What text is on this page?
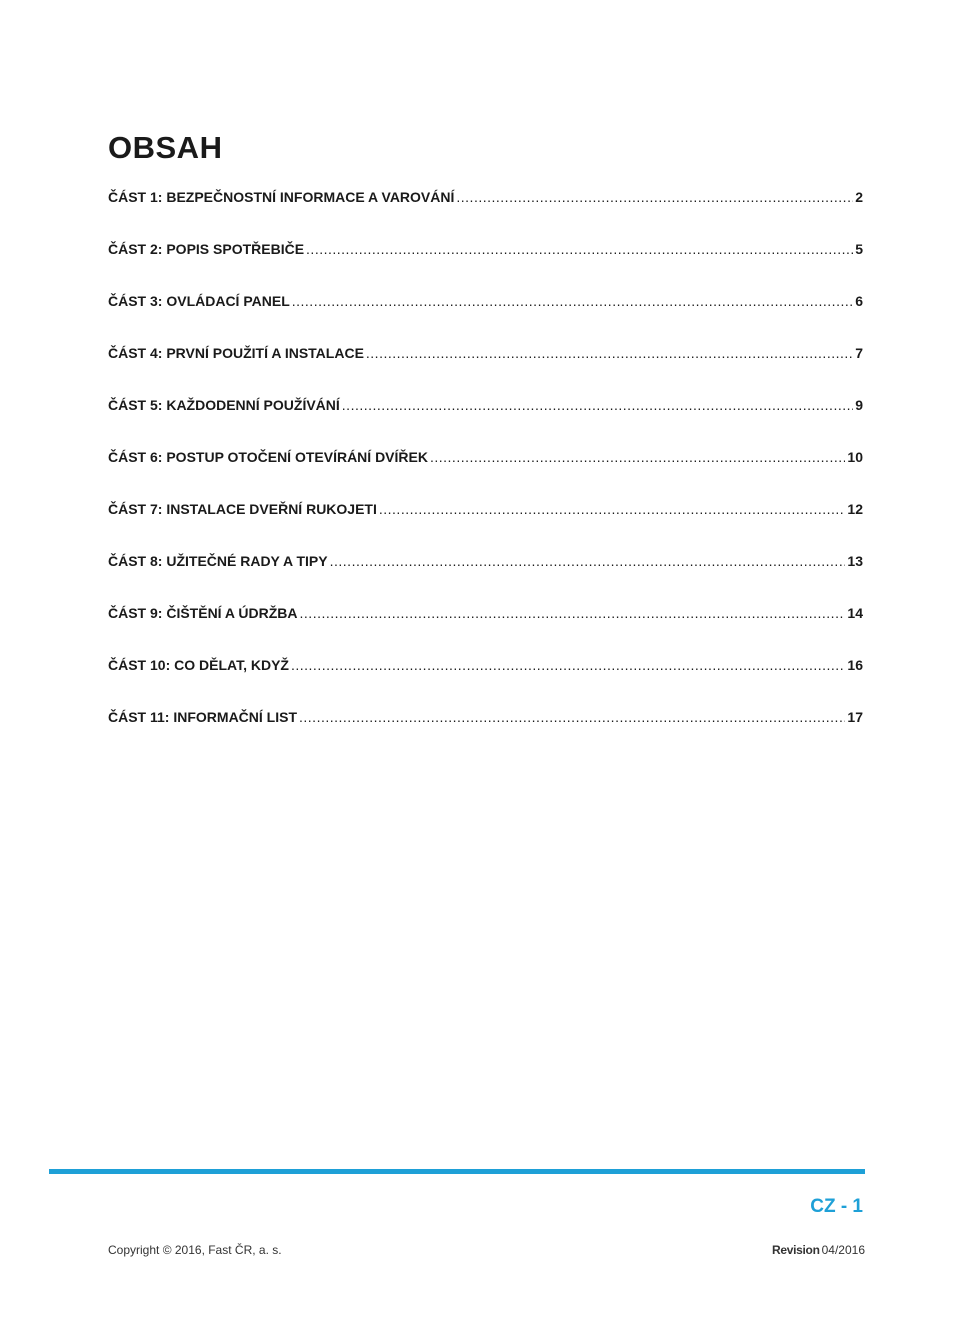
OBSAH
ČÁST 1: BEZPEČNOSTNÍ INFORMACE A VAROVÁNÍ .....	2
ČÁST 2: POPIS SPOTŘEBIČE .....	5
ČÁST 3: OVLÁDACÍ PANEL .....	6
ČÁST 4: PRVNÍ POUŽITÍ A INSTALACE .....	7
ČÁST 5: KAŽDODENNÍ POUŽÍVÁNÍ .....	9
ČÁST 6: POSTUP OTOČENÍ OTEVÍRÁNÍ DVÍŘEK .....	10
ČÁST 7: INSTALACE DVEŘNÍ RUKOJETI .....	12
ČÁST 8: UŽITEČNÉ RADY A TIPY .....	13
ČÁST 9: ČIŠTĚNÍ A ÚDRŽBA .....	14
ČÁST 10: CO DĚLAT, KDYŽ .....	16
ČÁST 11: INFORMAČNÍ LIST .....	17
CZ - 1
Copyright © 2016, Fast ČR, a. s.	Revision 04/2016
